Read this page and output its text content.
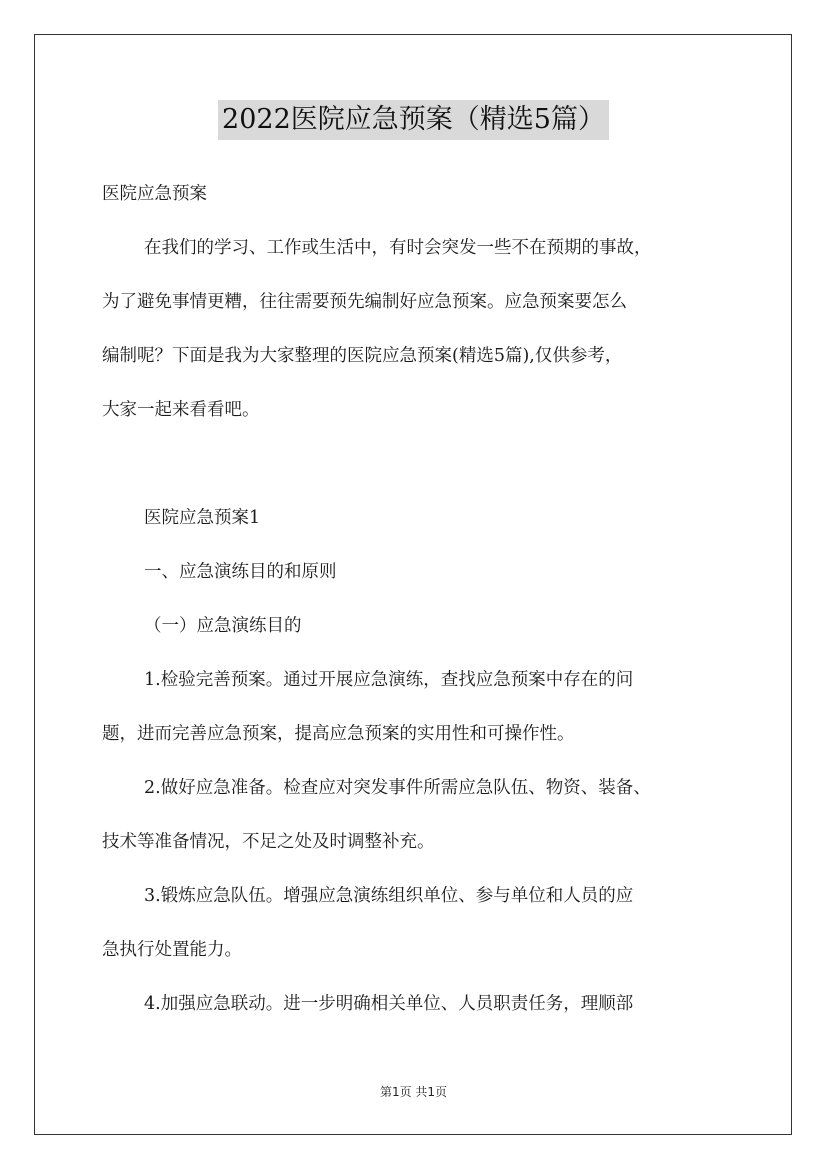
2022医院应急预案（精选5篇）
医院应急预案
在我们的学习、工作或生活中，有时会突发一些不在预期的事故，
为了避免事情更糟，往往需要预先编制好应急预案。应急预案要怎么
编制呢？下面是我为大家整理的医院应急预案(精选5篇),仅供参考，
大家一起来看看吧。
医院应急预案1
一、应急演练目的和原则
（一）应急演练目的
1.检验完善预案。通过开展应急演练，查找应急预案中存在的问
题，进而完善应急预案，提高应急预案的实用性和可操作性。
2.做好应急准备。检查应对突发事件所需应急队伍、物资、装备、
技术等准备情况，不足之处及时调整补充。
3.锻炼应急队伍。增强应急演练组织单位、参与单位和人员的应
急执行处置能力。
4.加强应急联动。进一步明确相关单位、人员职责任务，理顺部
第1页 共1页
